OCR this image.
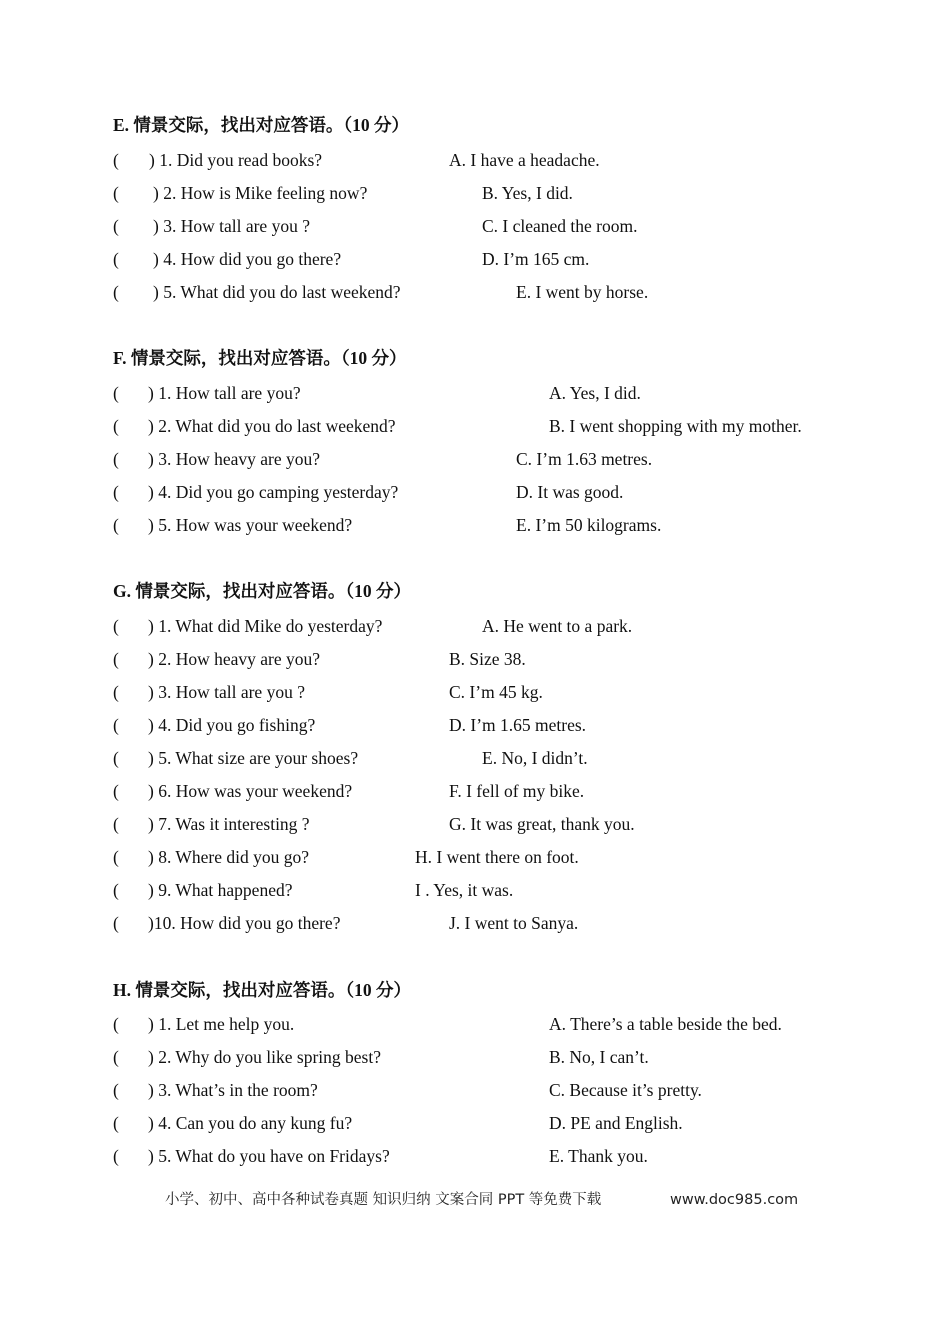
小学、初中、高中各种试卷真题 知识归纳 文案合同 PPT 等免费下载	www.doc985.com
E. 情景交际，找出对应答语。（10 分）
( ) 1. Did you read books?	A. I have a headache.
( ) 2. How is Mike feeling now?	B. Yes, I did.
( ) 3. How tall are you ?	C. I cleaned the room.
( ) 4. How did you go there?	D. I’m 165 cm.
( ) 5. What did you do last weekend?	E. I went by horse.
F. 情景交际，找出对应答语。（10 分）
( ) 1. How tall are you?	A. Yes, I did.
( ) 2. What did you do last weekend?	B. I went shopping with my mother.
( ) 3. How heavy are you?	C. I’m 1.63 metres.
( ) 4. Did you go camping yesterday?	D. It was good.
( ) 5. How was your weekend?	E. I’m 50 kilograms.
G. 情景交际，找出对应答语。（10 分）
( ) 1. What did Mike do yesterday?	A. He went to a park.
( ) 2. How heavy are you?	B. Size 38.
( ) 3. How tall are you ?	C. I’m 45 kg.
( ) 4. Did you go fishing?	D. I’m 1.65 metres.
( ) 5. What size are your shoes?	E. No, I didn’t.
( ) 6. How was your weekend?	F. I fell of my bike.
( ) 7. Was it interesting ?	G. It was great, thank you.
( ) 8. Where did you go?	H. I went there on foot.
( ) 9. What happened?	I . Yes, it was.
( )10. How did you go there?	J. I went to Sanya.
H. 情景交际，找出对应答语。（10 分）
( ) 1. Let me help you.	A. There’s a table beside the bed.
( ) 2. Why do you like spring best?	B. No, I can’t.
( ) 3. What’s in the room?	C. Because it’s pretty.
( ) 4. Can you do any kung fu?	D. PE and English.
( ) 5. What do you have on Fridays?	E. Thank you.
